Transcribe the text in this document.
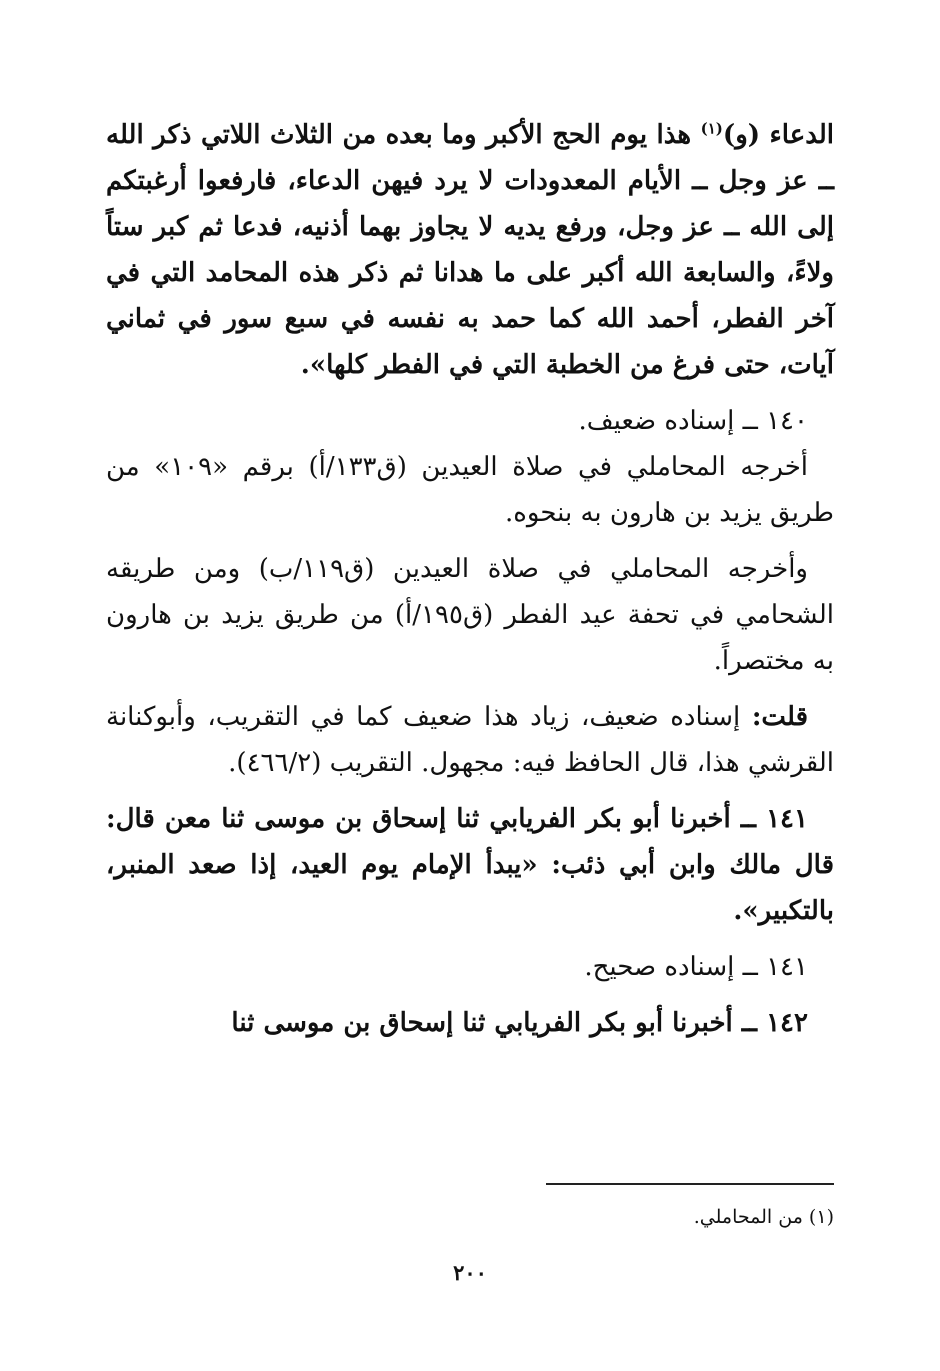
الدعاء (و)$^{(١)}$ هذا يوم الحج الأكبر وما بعده من الثلاث اللاتي ذكر الله ــ عز وجل ــ الأيام المعدودات لا يرد فيهن الدعاء، فارفعوا أرغبتكم إلى الله ــ عز وجل، ورفع يديه لا يجاوز بهما أذنيه، فدعا ثم كبر ستاً ولاءً، والسابعة الله أكبر على ما هدانا ثم ذكر هذه المحامد التي في آخر الفطر، أحمد الله كما حمد به نفسه في سبع سور في ثماني آيات، حتى فرغ من الخطبة التي في الفطر كلها».

١٤٠ ــ إسناده ضعيف.

أخرجه المحاملي في صلاة العيدين (ق١٣٣/أ) برقم «١٠٩» من طريق يزيد بن هارون به بنحوه.

وأخرجه المحاملي في صلاة العيدين (ق١١٩/ب) ومن طريقه الشحامي في تحفة عيد الفطر (ق١٩٥/أ) من طريق يزيد بن هارون به مختصراً.

قلت: إسناده ضعيف، زياد هذا ضعيف كما في التقريب، وأبوكنانة القرشي هذا، قال الحافظ فيه: مجهول. التقريب (٤٦٦/٢).

١٤١ ــ أخبرنا أبو بكر الفريابي ثنا إسحاق بن موسى ثنا معن قال: قال مالك وابن أبي ذئب: «يبدأ الإمام يوم العيد، إذا صعد المنبر، بالتكبير».

١٤١ ــ إسناده صحيح.

١٤٢ ــ أخبرنا أبو بكر الفريابي ثنا إسحاق بن موسى ثنا

(١) من المحاملي.
٢٠٠
